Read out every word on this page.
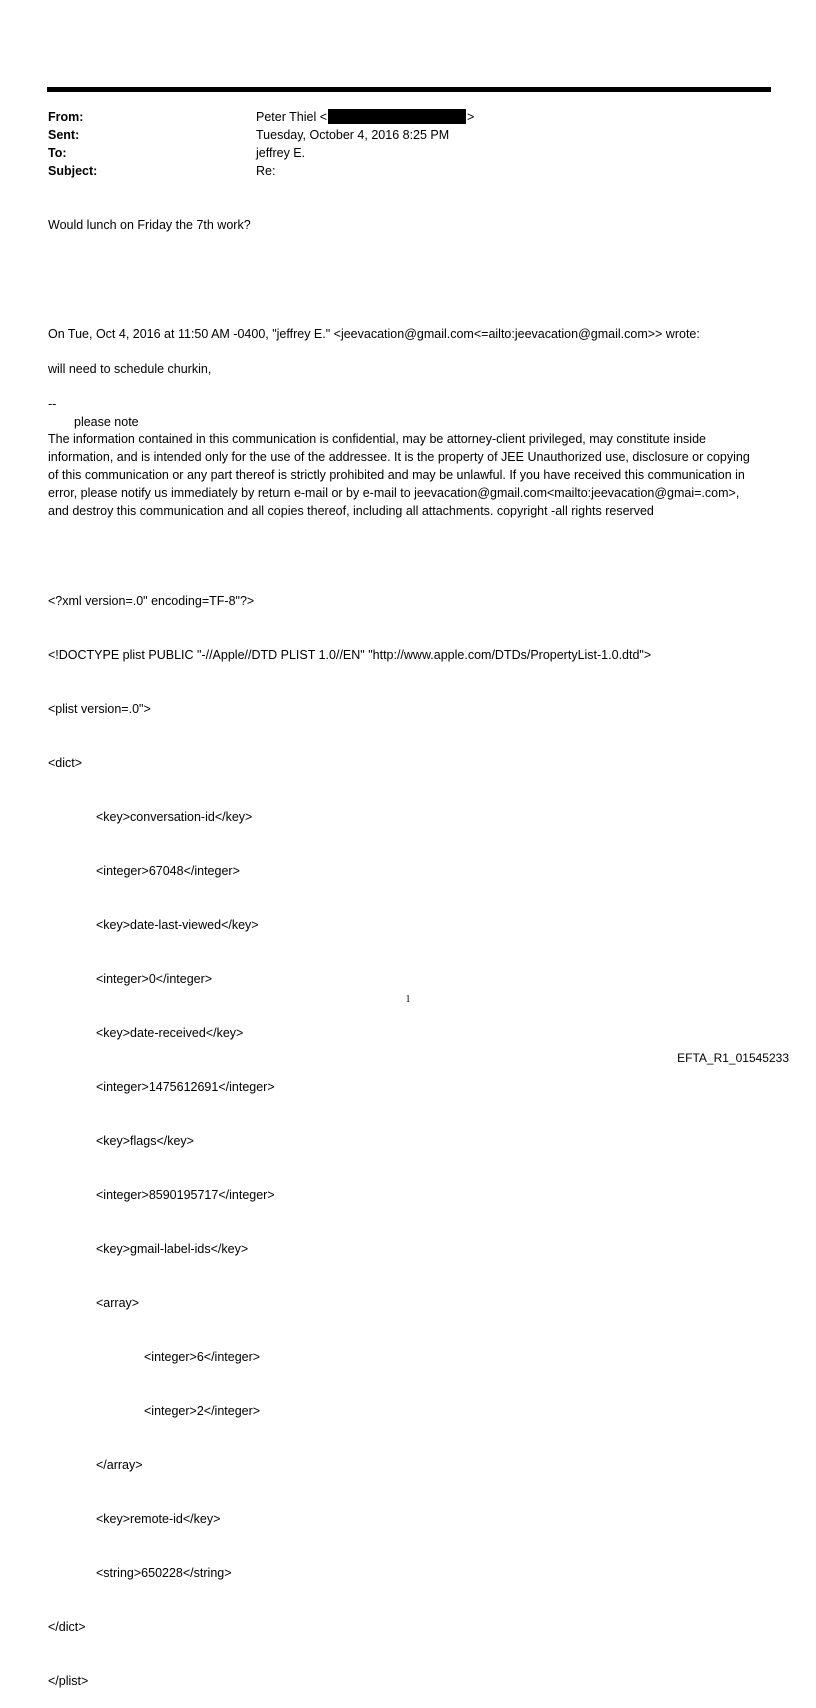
From:	Peter Thiel <	>
Sent:	Tuesday, October 4, 2016 8:25 PM
To:	jeffrey E.
Subject:	Re:
Would lunch on Friday the 7th work?
On Tue, Oct 4, 2016 at 11:50 AM -0400, "jeffrey E." <jeevacation@gmail.com<=ailto:jeevacation@gmail.com>> wrote:
will need to schedule churkin,
--
please note
The information contained in this communication is confidential, may be attorney-client privileged, may constitute inside information, and is intended only for the use of the addressee. It is the property of JEE Unauthorized use, disclosure or copying of this communication or any part thereof is strictly prohibited and may be unlawful. If you have received this communication in error, please notify us immediately by return e-mail or by e-mail to jeevacation@gmail.com<mailto:jeevacation@gmai=.com>, and destroy this communication and all copies thereof, including all attachments. copyright -all rights reserved

<?xml version=.0" encoding=TF-8"?>

<!DOCTYPE plist PUBLIC "-//Apple//DTD PLIST 1.0//EN" "http://www.apple.com/DTDs/PropertyList-1.0.dtd">

<plist version=.0">

<dict>

<key>conversation-id</key>

<integer>67048</integer>

<key>date-last-viewed</key>

<integer>0</integer>

<key>date-received</key>

<integer>1475612691</integer>

<key>flags</key>

<integer>8590195717</integer>

<key>gmail-label-ids</key>

<array>

<integer>6</integer>

<integer>2</integer>

</array>

<key>remote-id</key>

<string>650228</string>

</dict>

</plist>

1
EFTA_R1_01545233
